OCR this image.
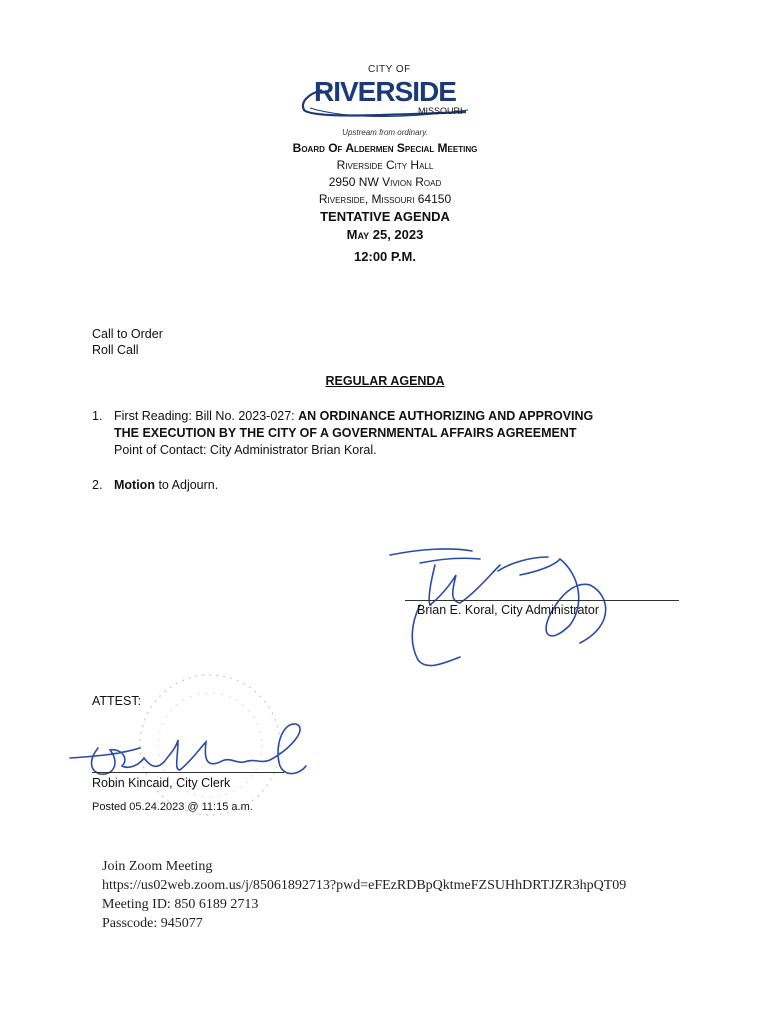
CITY OF
RIVERSIDE
MISSOURI
Upstream from ordinary.
Board Of Aldermen Special Meeting
Riverside City Hall
2950 NW Vivion Road
Riverside, Missouri 64150
TENTATIVE AGENDA
May 25, 2023
12:00 P.M.
Call to Order
Roll Call
REGULAR AGENDA
1. First Reading: Bill No. 2023-027: AN ORDINANCE AUTHORIZING AND APPROVING
THE EXECUTION BY THE CITY OF A GOVERNMENTAL AFFAIRS AGREEMENT
Point of Contact: City Administrator Brian Koral.
2. Motion to Adjourn.
Brian E. Koral, City Administrator
ATTEST:
Robin Kincaid, City Clerk
Posted 05.24.2023 @ 11:15 a.m.
Join Zoom Meeting
https://us02web.zoom.us/j/85061892713?pwd=eFEzRDBpQktmeFZSUHhDRTJZR3hpQT09
Meeting ID: 850 6189 2713
Passcode: 945077
